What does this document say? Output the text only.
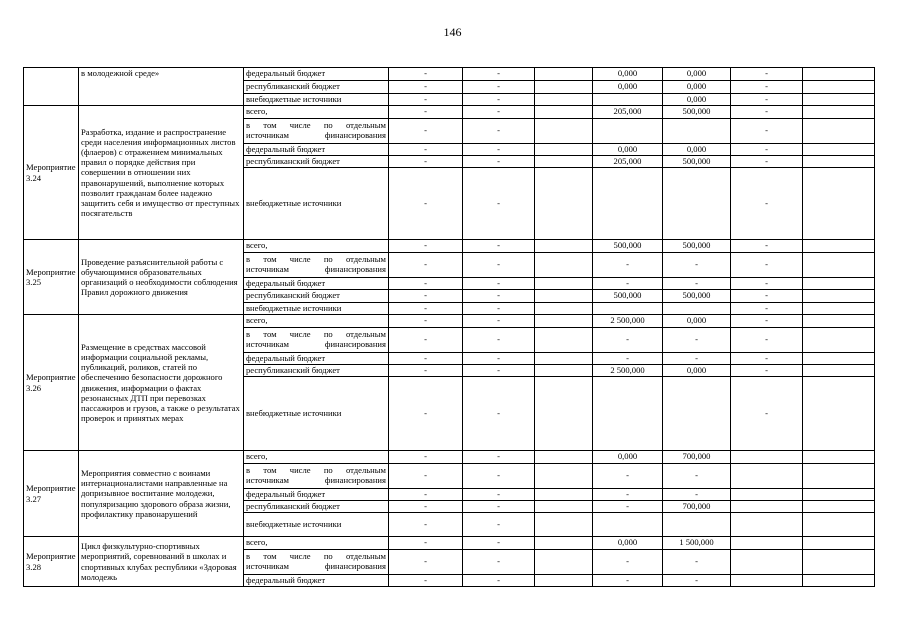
146
	в молодежной среде»	федеральный бюджет	-	-		0,000	0,000	-	
		республиканский бюджет	-	-		0,000	0,000	-	
		внебюджетные источники	-	-			0,000	-	
Мероприятие 3.24	Разработка, издание и распространение среди населения информационных листов (флаеров) с отражением минимальных правил о порядке действия при совершении в отношении них правонарушений, выполнение которых позволит гражданам более надежно защитить себя и имущество от преступных посягательств	всего,	-	-		205,000	500,000	-	
		в том числе по отдельным источникам финансирования	-	-				-	
		федеральный бюджет	-	-		0,000	0,000	-	
		республиканский бюджет	-	-		205,000	500,000	-	
		внебюджетные источники	-	-				-	
Мероприятие 3.25	Проведение разъяснительной работы с обучающимися образовательных организаций о необходимости соблюдения Правил дорожного движения	всего,	-	-		500,000	500,000	-	
		в том числе по отдельным источникам финансирования	-	-		-	-	-	
		федеральный бюджет	-	-		-	-	-	
		республиканский бюджет	-	-		500,000	500,000	-	
		внебюджетные источники	-	-				-	
Мероприятие 3.26	Размещение в средствах массовой информации социальной рекламы, публикаций, роликов, статей по обеспечению безопасности дорожного движения, информации о фактах резонансных ДТП при перевозках пассажиров и грузов, а также о результатах проверок и принятых мерах	всего,	-	-		2 500,000	0,000	-	
		в том числе по отдельным источникам финансирования	-	-		-	-	-	
		федеральный бюджет	-	-		-	-	-	
		республиканский бюджет	-	-		2 500,000	0,000	-	
		внебюджетные источники	-	-				-	
Мероприятие 3.27	Мероприятия совместно с воинами интернационалистами направленные на допризывное воспитание молодежи, популяризацию здорового образа жизни, профилактику правонарушений	всего,	-	-		0,000	700,000		
		в том числе по отдельным источникам финансирования	-	-		-	-		
		федеральный бюджет	-	-		-	-		
		республиканский бюджет	-	-		-	700,000		
		внебюджетные источники	-	-					
Мероприятие 3.28	Цикл физкультурно-спортивных мероприятий, соревнований в школах и спортивных клубах республики «Здоровая молодежь	всего,	-	-		0,000	1 500,000		
		в том числе по отдельным источникам финансирования	-	-		-	-		
		федеральный бюджет	-	-		-	-		
